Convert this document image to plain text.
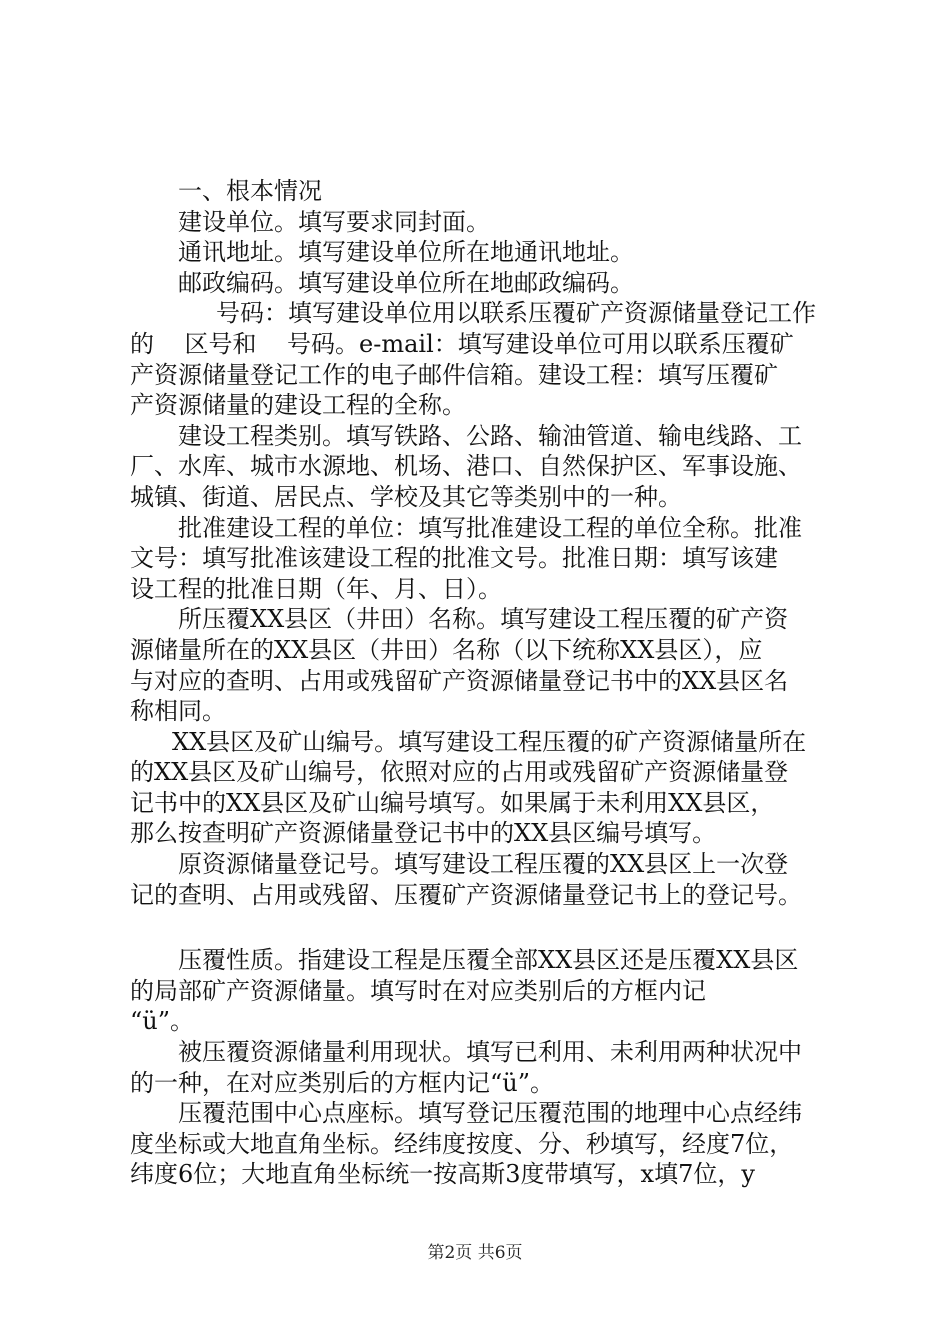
一、根本情况
建设单位。填写要求同封面。
通讯地址。填写建设单位所在地通讯地址。
邮政编码。填写建设单位所在地邮政编码。
号码：填写建设单位用以联系压覆矿产资源储量登记工作
的    区号和    号码。e-mail：填写建设单位可用以联系压覆矿
产资源储量登记工作的电子邮件信箱。建设工程：填写压覆矿
产资源储量的建设工程的全称。
建设工程类别。填写铁路、公路、输油管道、输电线路、工
厂、水库、城市水源地、机场、港口、自然保护区、军事设施、
城镇、街道、居民点、学校及其它等类别中的一种。
批准建设工程的单位：填写批准建设工程的单位全称。批准
文号：填写批准该建设工程的批准文号。批准日期：填写该建
设工程的批准日期（年、月、日）。
所压覆XX县区（井田）名称。填写建设工程压覆的矿产资
源储量所在的XX县区（井田）名称（以下统称XX县区），应
与对应的查明、占用或残留矿产资源储量登记书中的XX县区名
称相同。
XX县区及矿山编号。填写建设工程压覆的矿产资源储量所在
的XX县区及矿山编号，依照对应的占用或残留矿产资源储量登
记书中的XX县区及矿山编号填写。如果属于未利用XX县区，
那么按查明矿产资源储量登记书中的XX县区编号填写。
原资源储量登记号。填写建设工程压覆的XX县区上一次登
记的查明、占用或残留、压覆矿产资源储量登记书上的登记号。
压覆性质。指建设工程是压覆全部XX县区还是压覆XX县区
的局部矿产资源储量。填写时在对应类别后的方框内记
“ü”。
被压覆资源储量利用现状。填写已利用、未利用两种状况中
的一种，在对应类别后的方框内记“ü”。
压覆范围中心点座标。填写登记压覆范围的地理中心点经纬
度坐标或大地直角坐标。经纬度按度、分、秒填写，经度7位，
纬度6位；大地直角坐标统一按高斯3度带填写，x填7位，y
第2页 共6页
